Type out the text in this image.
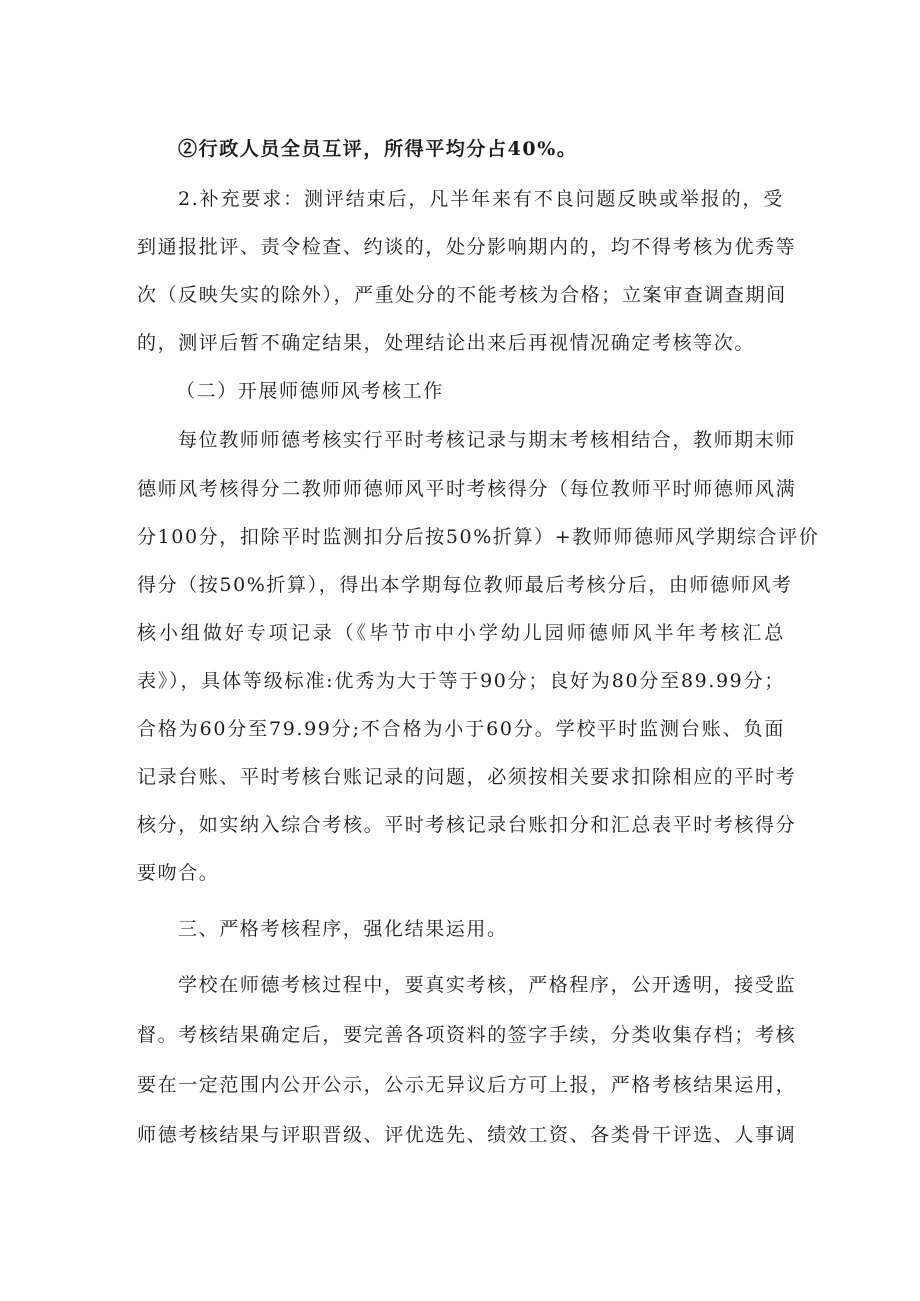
②行政人员全员互评，所得平均分占40%。
2.补充要求：测评结束后，凡半年来有不良问题反映或举报的，受
到通报批评、责令检查、约谈的，处分影响期内的，均不得考核为优秀等
次（反映失实的除外），严重处分的不能考核为合格；立案审查调查期间
的，测评后暂不确定结果，处理结论出来后再视情况确定考核等次。
（二）开展师德师风考核工作
每位教师师德考核实行平时考核记录与期末考核相结合，教师期末师
德师风考核得分二教师师德师风平时考核得分（每位教师平时师德师风满
分100分，扣除平时监测扣分后按50%折算）+教师师德师风学期综合评价
得分（按50%折算），得出本学期每位教师最后考核分后，由师德师风考
核小组做好专项记录（《毕节市中小学幼儿园师德师风半年考核汇总
表》），具体等级标准:优秀为大于等于90分；良好为80分至89.99分；
合格为60分至79.99分;不合格为小于60分。学校平时监测台账、负面
记录台账、平时考核台账记录的问题，必须按相关要求扣除相应的平时考
核分，如实纳入综合考核。平时考核记录台账扣分和汇总表平时考核得分
要吻合。
三、严格考核程序，强化结果运用。
学校在师德考核过程中，要真实考核，严格程序，公开透明，接受监
督。考核结果确定后，要完善各项资料的签字手续，分类收集存档；考核
要在一定范围内公开公示，公示无异议后方可上报，严格考核结果运用，
师德考核结果与评职晋级、评优选先、绩效工资、各类骨干评选、人事调
